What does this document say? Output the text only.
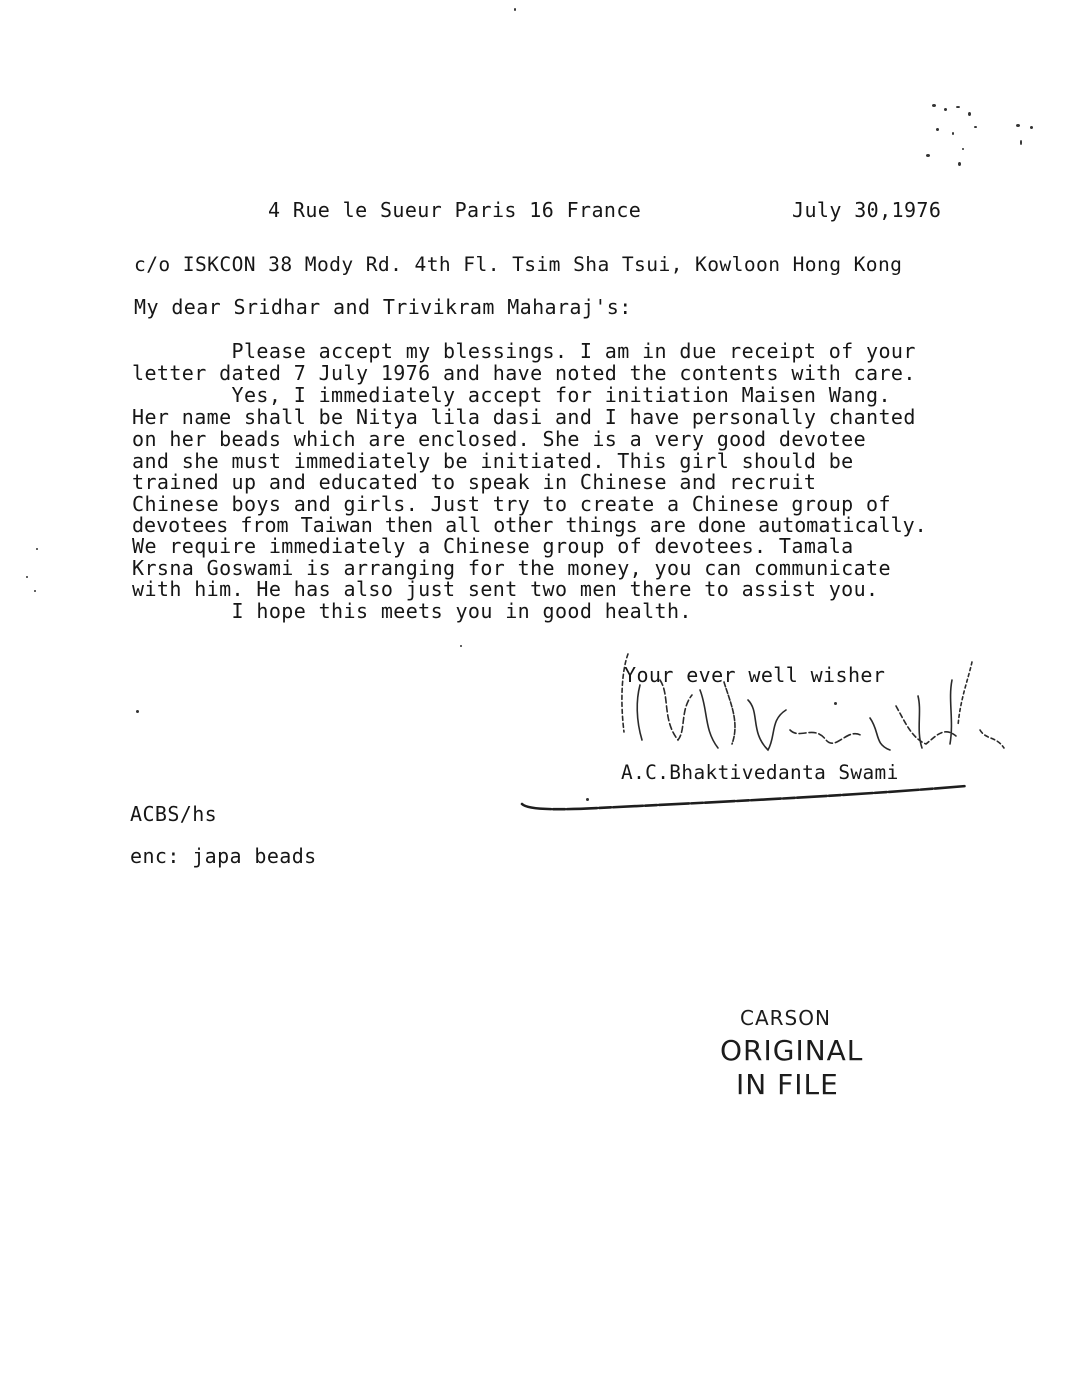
4 Rue le Sueur Paris 16 France	July 30,1976
c/o ISKCON 38 Mody Rd. 4th Fl. Tsim Sha Tsui, Kowloon Hong Kong
My dear Sridhar and Trivikram Maharaj's:
Please accept my blessings. I am in due receipt of your
letter dated 7 July 1976 and have noted the contents with care.
Yes, I immediately accept for initiation Maisen Wang.
Her name shall be Nitya lila dasi and I have personally chanted
on her beads which are enclosed. She is a very good devotee
and she must immediately be initiated. This girl should be
trained up and educated to speak in Chinese and recruit
Chinese boys and girls. Just try to create a Chinese group of
devotees from Taiwan then all other things are done automatically.
We require immediately a Chinese group of devotees. Tamala
Krsna Goswami is arranging for the money, you can communicate
with him. He has also just sent two men there to assist you.
I hope this meets you in good health.
Your ever well wisher
A.C.Bhaktivedanta Swami
ACBS/hs
enc: japa beads
CARSON
ORIGINAL
IN FILE
